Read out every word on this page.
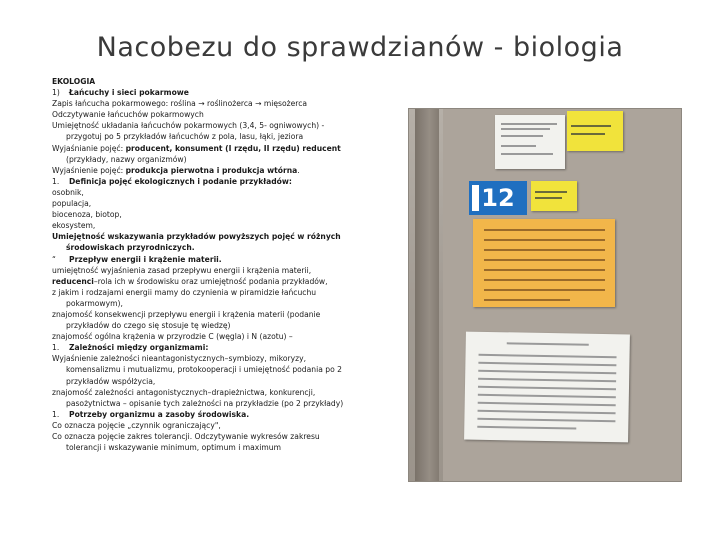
Nacobezu do sprawdzianów - biologia
EKOLOGIA
1) Łańcuchy i sieci pokarmowe
Zapis łańcucha pokarmowego: roślina → roślinożerca → mięsożerca
Odczytywanie łańcuchów pokarmowych
Umiejętność układania łańcuchów pokarmowych (3,4, 5- ogniwowych) -
przygotuj po 5 przykładów łańcuchów z pola, lasu, łąki, jeziora
Wyjaśnianie pojęć: producent, konsument (I rzędu, II rzędu) reducent
(przykłady, nazwy organizmów)
Wyjaśnienie pojęć: produkcja pierwotna i produkcja wtórna.
1. Definicja pojęć ekologicznych i podanie przykładów:
osobnik,
populacja,
biocenoza, biotop,
ekosystem,
Umiejętność wskazywania przykładów powyższych pojęć w różnych
środowiskach przyrodniczych.
“ Przepływ energii i krążenie materii.
umiejętność wyjaśnienia zasad przepływu energii i krążenia materii,
reducenci–rola ich w środowisku oraz umiejętność podania przykładów,
z jakim i rodzajami energii mamy do czynienia w piramidzie łańcuchu
pokarmowym),
znajomość konsekwencji przepływu energii i krążenia materii (podanie
przykładów do czego się stosuje tę wiedzę)
znajomość ogólna krążenia w przyrodzie C (węgla) i N (azotu) –
1. Zależności między organizmami:
Wyjaśnienie zależności nieantagonistycznych–symbiozy, mikoryzy,
komensalizmu i mutualizmu, protokooperacji i umiejętność podania po 2
przykładów współżycia,
znajomość zależności antagonistycznych–drapieżnictwa, konkurencji,
pasożytnictwa – opisanie tych zależności na przykładzie (po 2 przykłady)
1. Potrzeby organizmu a zasoby środowiska.
Co oznacza pojęcie „czynnik ograniczający",
Co oznacza pojęcie zakres tolerancji. Odczytywanie wykresów zakresu
tolerancji i wskazywanie minimum, optimum i maximum
12
